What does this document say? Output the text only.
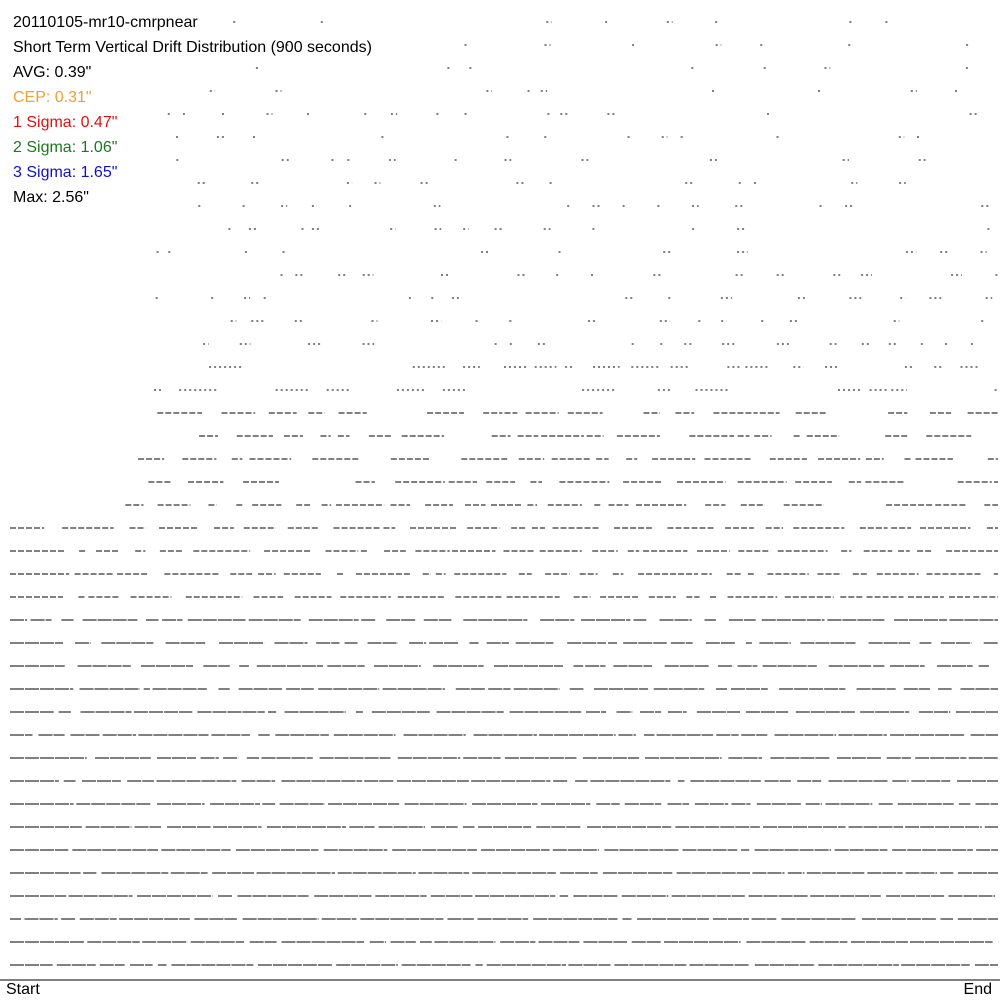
20110105-mr10-cmrpnear
Short Term Vertical Drift Distribution (900 seconds)
AVG: 0.39"
CEP: 0.31"
1 Sigma: 0.47"
2 Sigma: 1.06"
3 Sigma: 1.65"
Max: 2.56"
Start	End
